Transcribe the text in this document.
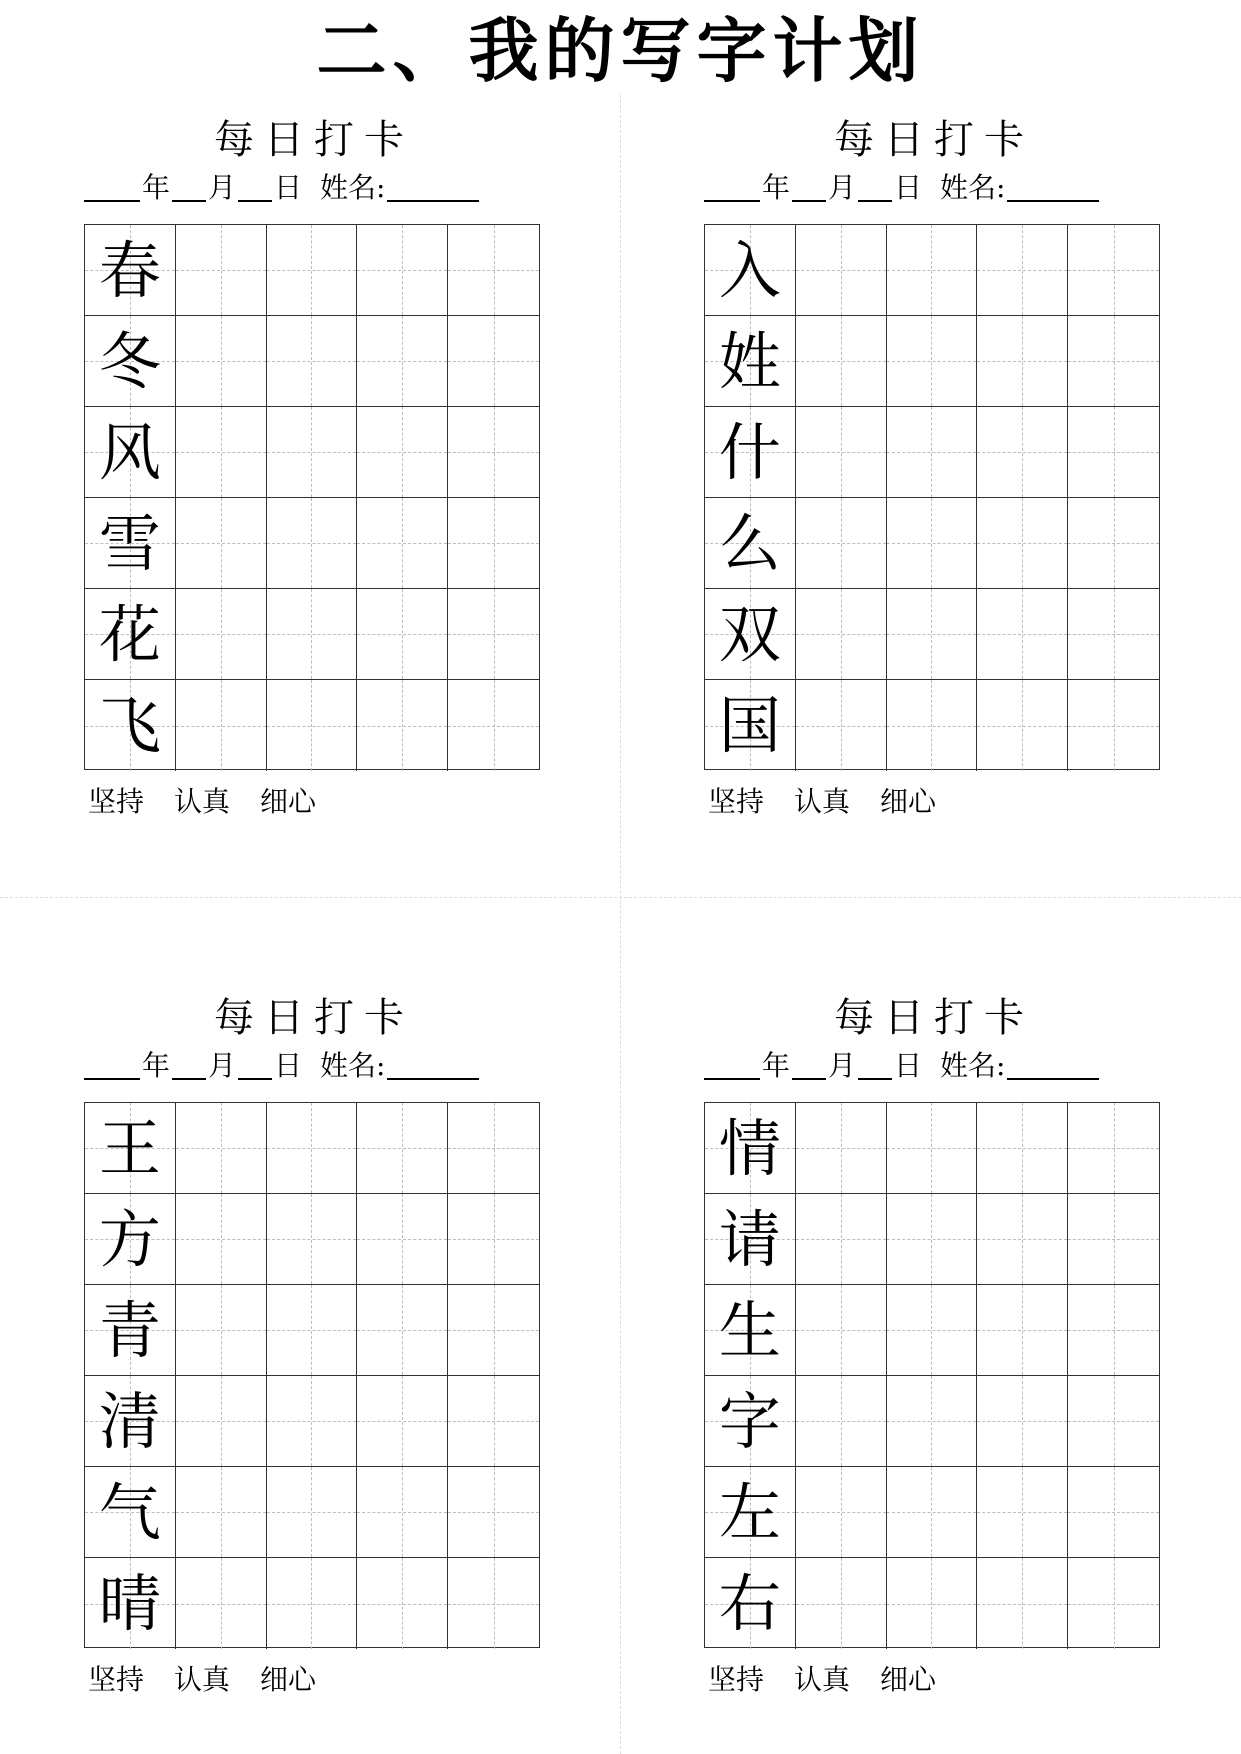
二、我的写字计划
每日打卡
年 月 日 姓名:
春
冬
风
雪
花
飞
坚持 认真 细心
每日打卡
年 月 日 姓名:
入
姓
什
么
双
国
坚持 认真 细心
每日打卡
年 月 日 姓名:
王
方
青
清
气
晴
坚持 认真 细心
每日打卡
年 月 日 姓名:
情
请
生
字
左
右
坚持 认真 细心
